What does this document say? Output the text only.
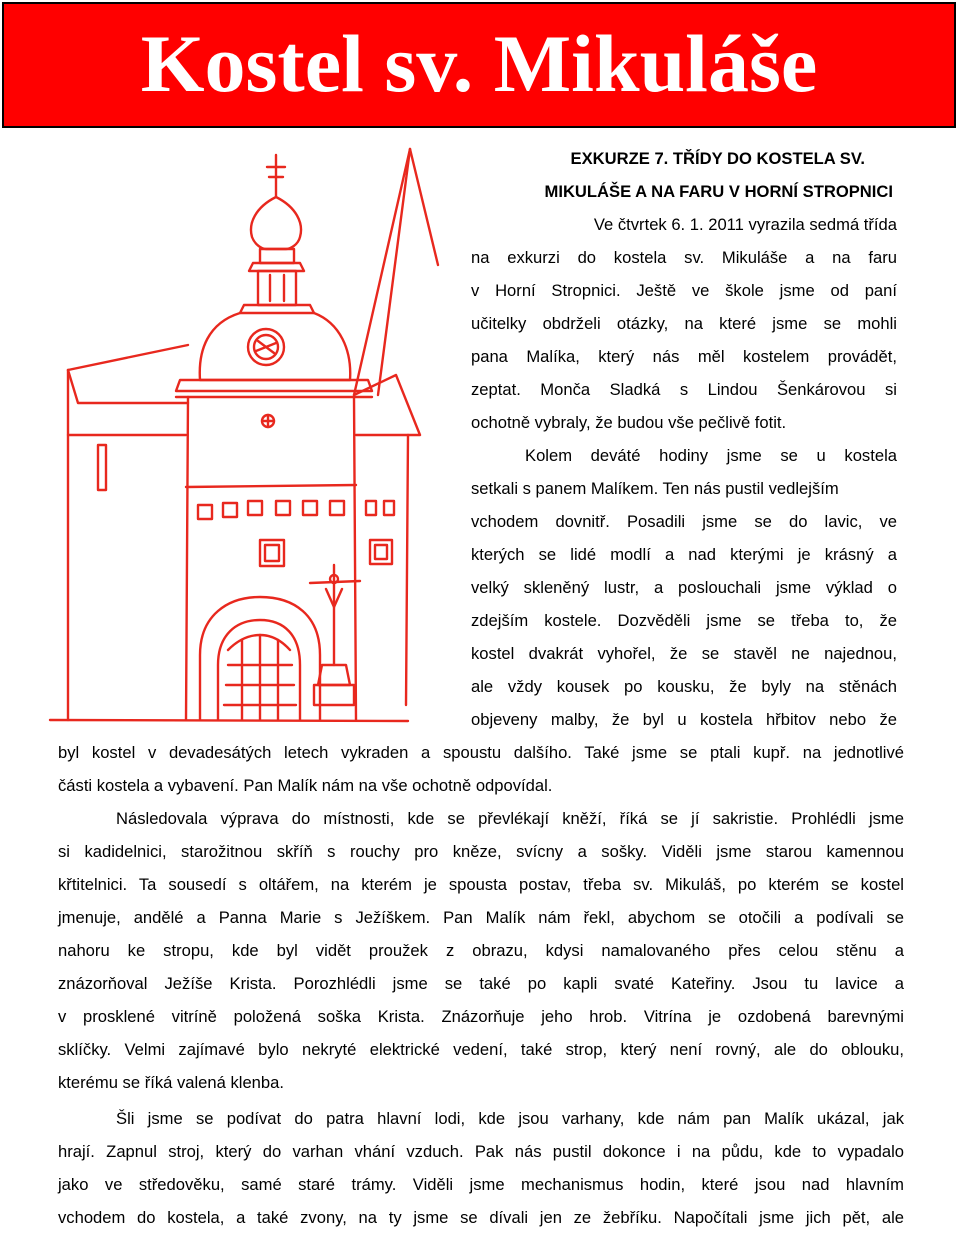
Kostel sv. Mikuláše
EXKURZE 7. TŘÍDY DO KOSTELA SV.
MIKULÁŠE A NA FARU V HORNÍ STROPNICI
Ve čtvrtek 6. 1. 2011 vyrazila sedmá třída
na exkurzi do kostela sv. Mikuláše a na faru
v Horní Stropnici. Ještě ve škole jsme od paní
učitelky obdrželi otázky, na které jsme se mohli
pana Malíka, který nás měl kostelem provádět,
zeptat. Monča Sladká s Lindou Šenkárovou si
ochotně vybraly, že budou vše pečlivě fotit.
Kolem deváté hodiny jsme se u kostela
setkali s panem Malíkem. Ten nás pustil vedlejším
vchodem dovnitř. Posadili jsme se do lavic, ve
kterých se lidé modlí a nad kterými je krásný a
velký skleněný lustr, a poslouchali jsme výklad o
zdejším kostele. Dozvěděli jsme se třeba to, že
kostel dvakrát vyhořel, že se stavěl ne najednou,
ale vždy kousek po kousku, že byly na stěnách
objeveny malby, že byl u kostela hřbitov nebo že
byl kostel v devadesátých letech vykraden a spoustu dalšího. Také jsme se ptali kupř. na jednotlivé
části kostela a vybavení. Pan Malík nám na vše ochotně odpovídal.
Následovala výprava do místnosti, kde se převlékají kněží, říká se jí sakristie. Prohlédli jsme
si kadidelnici, starožitnou skříň s rouchy pro kněze, svícny a sošky. Viděli jsme starou kamennou
křtitelnici. Ta sousedí s oltářem, na kterém je spousta postav, třeba sv. Mikuláš, po kterém se kostel
jmenuje, andělé a Panna Marie s Ježíškem. Pan Malík nám řekl, abychom se otočili a podívali se
nahoru ke stropu, kde byl vidět proužek z obrazu, kdysi namalovaného přes celou stěnu a
znázorňoval Ježíše Krista. Porozhlédli jsme se také po kapli svaté Kateřiny. Jsou tu lavice a
v prosklené vitríně položená soška Krista. Znázorňuje jeho hrob. Vitrína je ozdobená barevnými
sklíčky. Velmi zajímavé bylo nekryté elektrické vedení, také strop, který není rovný, ale do oblouku,
kterému se říká valená klenba.
Šli jsme se podívat do patra hlavní lodi, kde jsou varhany, kde nám pan Malík ukázal, jak
hrají. Zapnul stroj, který do varhan vhání vzduch. Pak nás pustil dokonce i na půdu, kde to vypadalo
jako ve středověku, samé staré trámy. Viděli jsme mechanismus hodin, které jsou nad hlavním
vchodem do kostela, a také zvony, na ty jsme se dívali jen ze žebříku. Napočítali jsme jich pět, ale
